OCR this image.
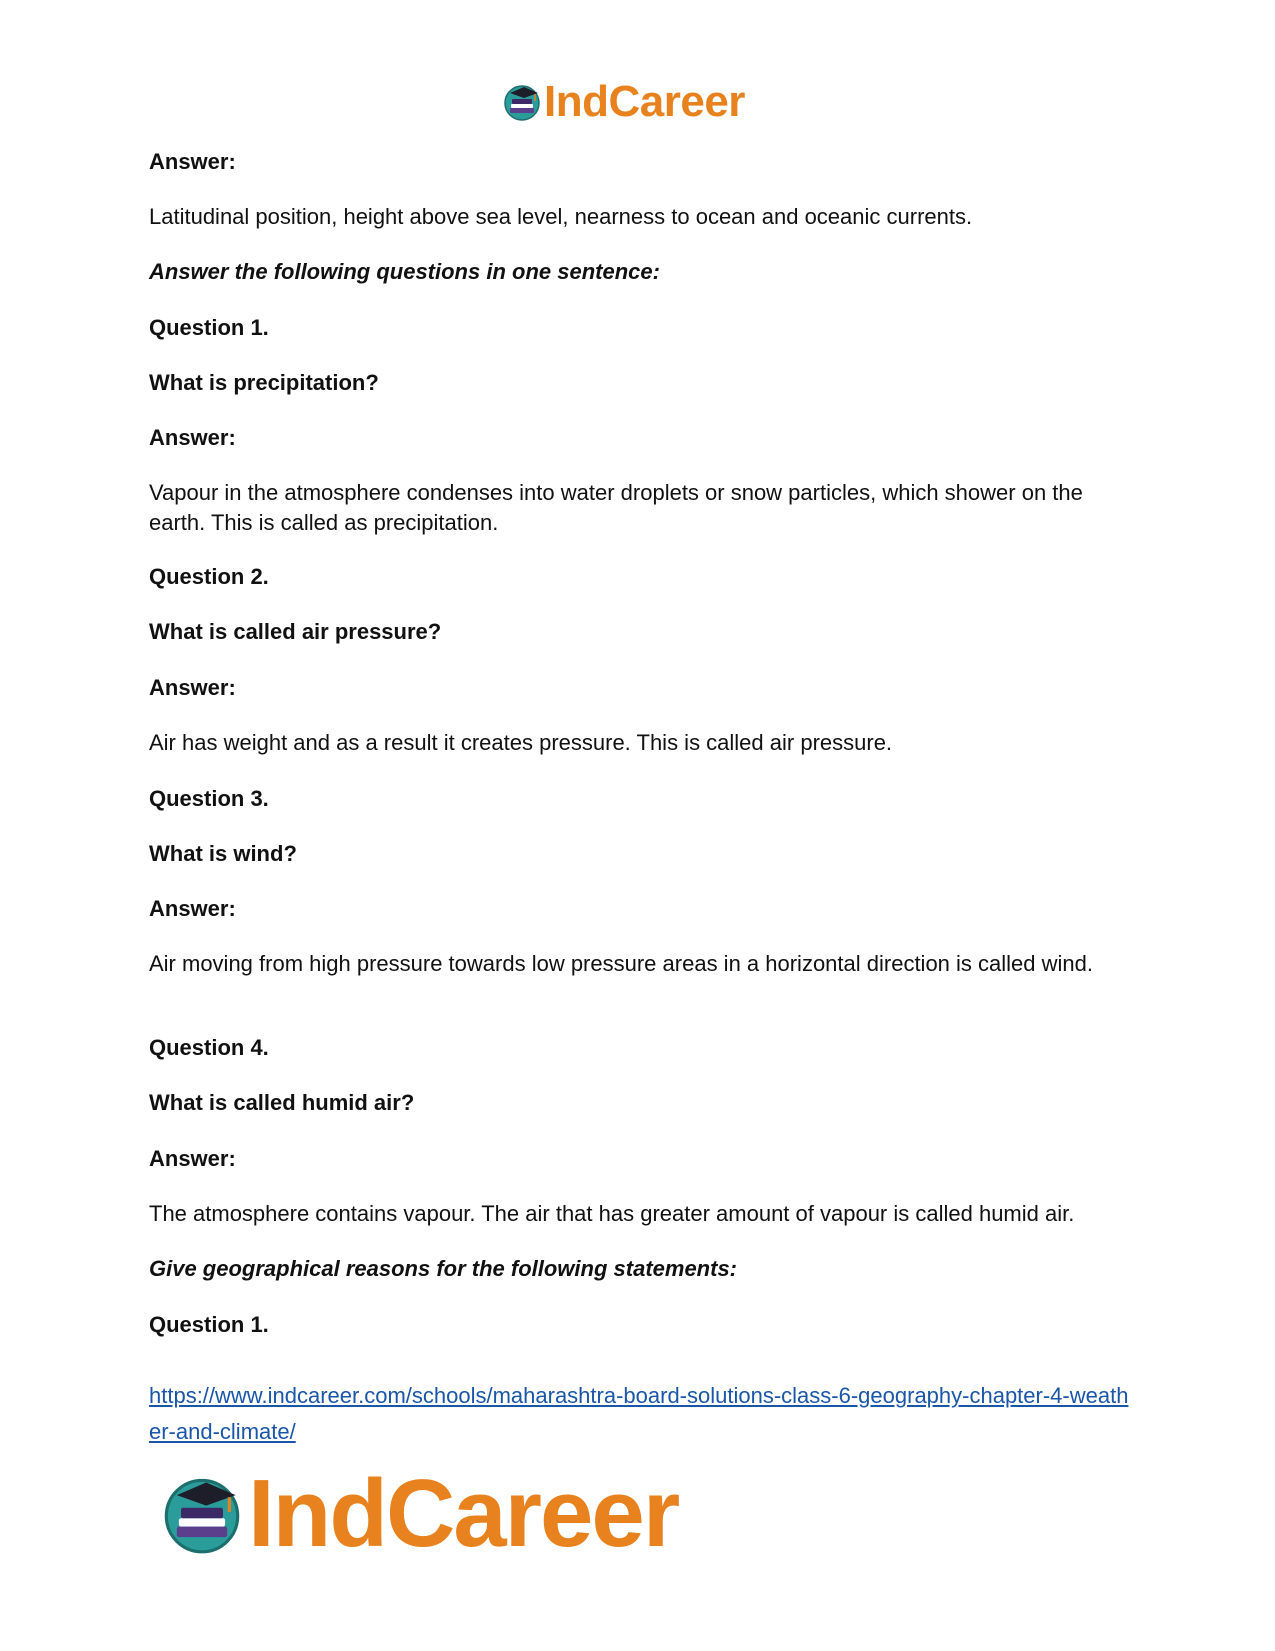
IndCareer

Answer:

Latitudinal position, height above sea level, nearness to ocean and oceanic currents.

Answer the following questions in one sentence:

Question 1.

What is precipitation?

Answer:

Vapour in the atmosphere condenses into water droplets or snow particles, which shower on the earth. This is called as precipitation.

Question 2.

What is called air pressure?

Answer:

Air has weight and as a result it creates pressure. This is called air pressure.

Question 3.

What is wind?

Answer:

Air moving from high pressure towards low pressure areas in a horizontal direction is called wind.

Question 4.

What is called humid air?

Answer:

The atmosphere contains vapour. The air that has greater amount of vapour is called humid air.

Give geographical reasons for the following statements:

Question 1.

https://www.indcareer.com/schools/maharashtra-board-solutions-class-6-geography-chapter-4-weather-and-climate/
IndCareer
